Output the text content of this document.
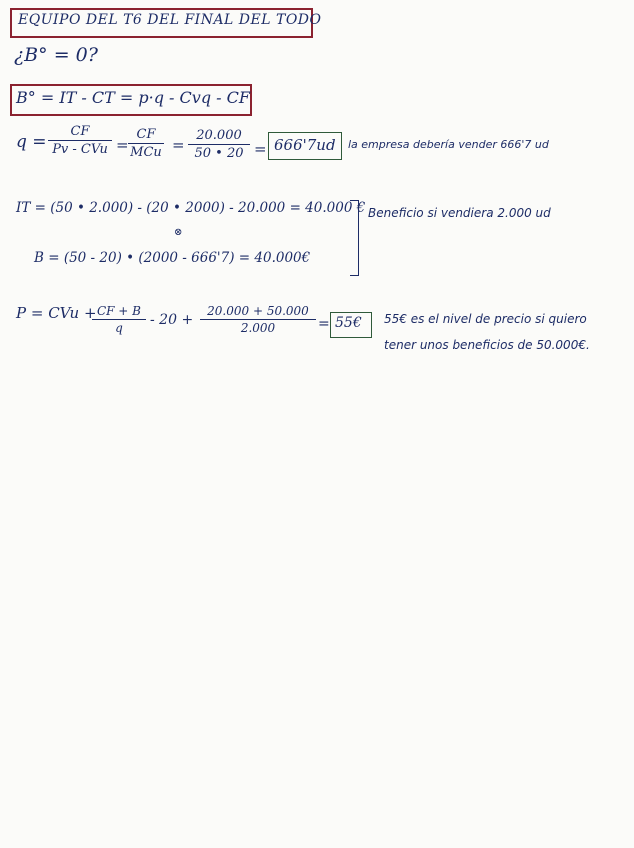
EQUIPO DEL T6 DEL FINAL DEL TODO
¿B° = 0?
B° = IT - CT = p·q - Cvq - CF
q =
CF
Pv - CVu =
CF
MCu = $\frac{20.000}{50 • 20} = 666'7ud$ la empresa debería vender 666'7 ud
IT = (50 • 2.000) - (20 • 2000) - 20.000 = 40.000 € Beneficio si vendiera 2.000 ud
⊗
B = (50 - 20) • (2000 - 666'7) = 40.000€
P = CVu +
$\frac{CF + B}{q} - 20 + \frac{20.000 + 50.000}{2.000}$ = 55€ 55€ es el nivel de precio si quiero
tener unos beneficios de 50.000€.
